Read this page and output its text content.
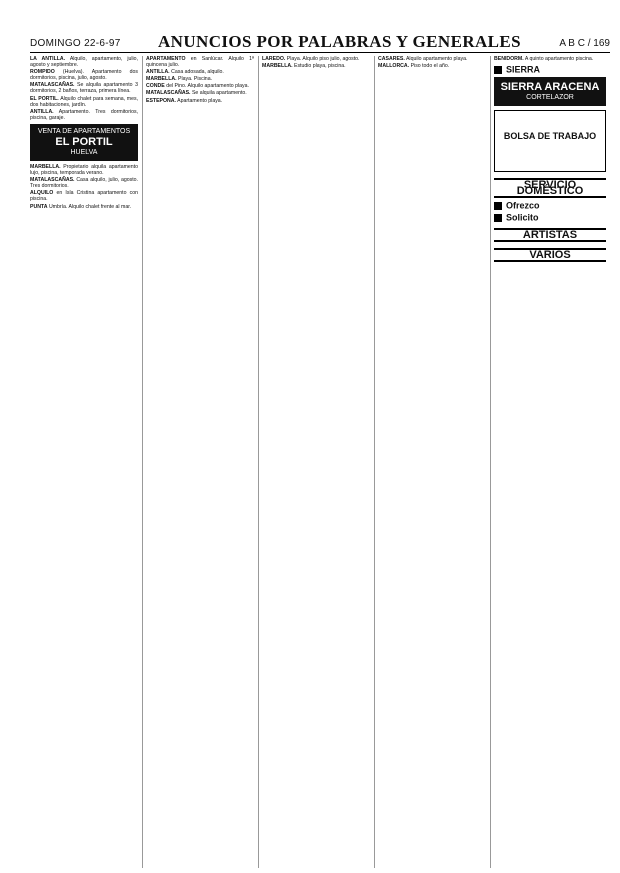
DOMINGO 22-6-97 ANUNCIOS POR PALABRAS Y GENERALES	A B C / 169
LA ANTILLA. Alquilo, apartamento, julio, agosto y septiembre.
ROMPIDO (Huelva). Apartamento dos dormitorios, piscina, julio, agosto.
MATALASCAÑAS. Se alquila apartamento 3 dormitorios, 2 baños, terraza, primera línea.
EL PORTIL. Alquilo chalet para semana, mes, dos habitaciones, jardín.
ANTILLA. Apartamento. Tres dormitorios, piscina, garaje.
VENTA DE APARTAMENTOS
EL PORTIL
HUELVA
MARBELLA. Propietario alquila apartamento lujo, piscina, temporada verano.
MATALASCAÑAS. Casa alquilo, julio, agosto. Tres dormitorios.
ALQUILO en Isla Cristina apartamento con piscina.
PUNTA Umbría. Alquilo chalet frente al mar.
APARTAMENTO en Sanlúcar. Alquilo 1ª quincena julio.
ANTILLA. Casa adosada, alquilo.
MARBELLA. Playa. Piscina.
CONDE del Pino. Alquilo apartamento playa.
MATALASCAÑAS. Se alquila apartamento.
ESTEPONA. Apartamento playa.
LAREDO. Playa. Alquilo piso julio, agosto.
MARBELLA. Estudio playa, piscina.
CASARES. Alquilo apartamento playa.
MALLORCA. Piso todo el año.
BENIDORM. A quinto apartamento piscina.
SIERRA
SIERRA ARACENA
CORTELAZOR
BOLSA DE TRABAJO
SERVICIO DOMÉSTICO
Ofrezco
Solicito
ARTISTAS
VARIOS
